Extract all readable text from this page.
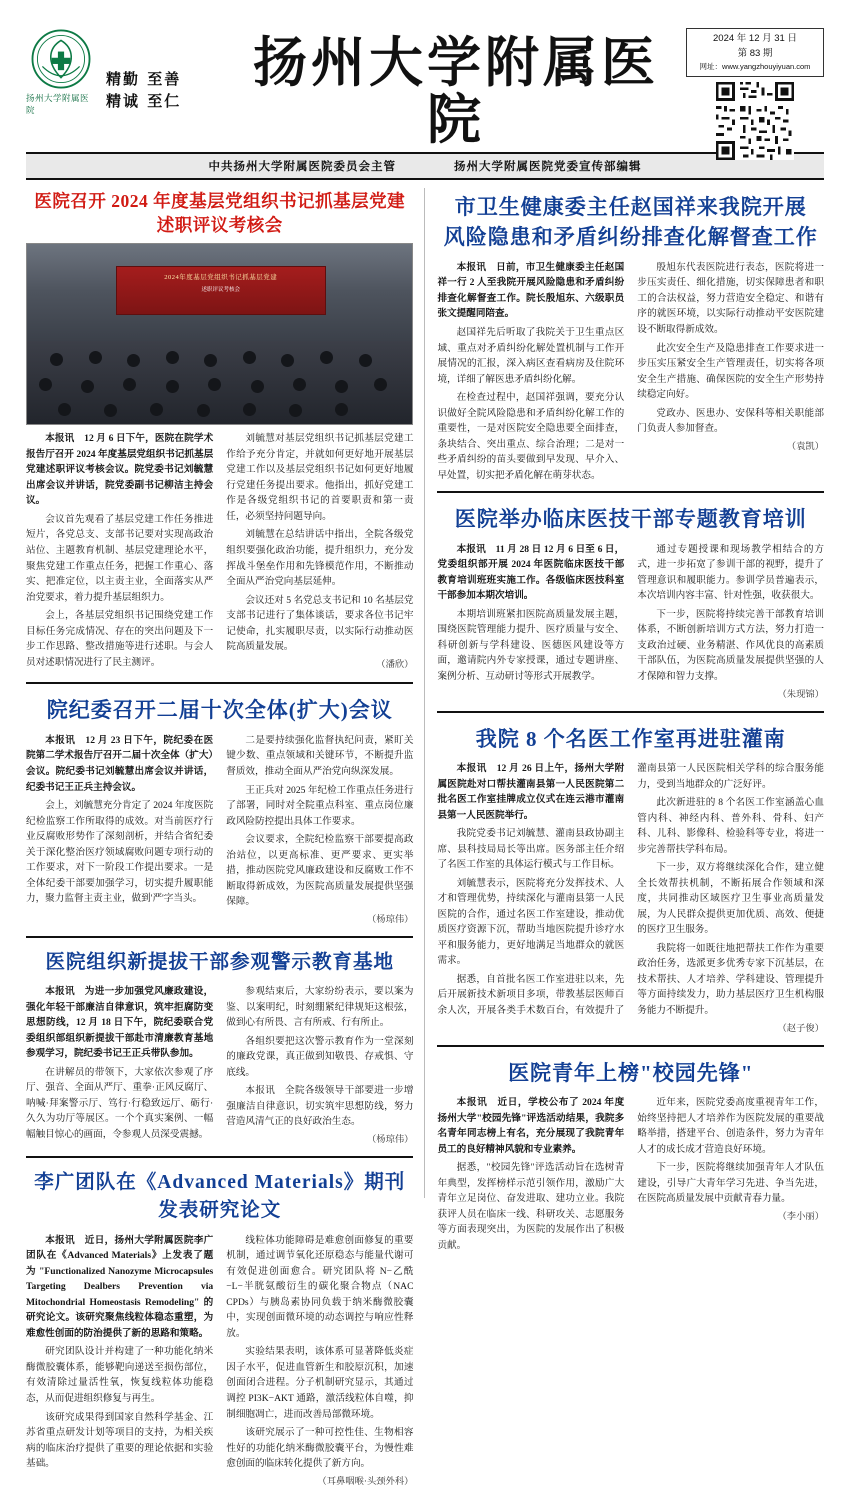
扬州大学附属医院
精勤 至善
精诚 至仁
扬州大学附属医院
2024 年 12 月 31 日
第 83 期
网址：www.yangzhouyiyuan.com
中共扬州大学附属医院委员会主管	扬州大学附属医院党委宣传部编辑
医院召开 2024 年度基层党组织书记抓基层党建述职评议考核会
2024年度基层党组织书记抓基层党建
述职评议考核会

本报讯　12 月 6 日下午，医院在院学术报告厅召开 2024 年度基层党组织书记抓基层党建述职评议考核会议。院党委书记刘毓慧出席会议并讲话，院党委副书记柳洁主持会议。

会议首先观看了基层党建工作任务推进短片，各党总支、支部书记要对实现高政治站位、主题教育机制、基层党建理论水平，聚焦党建工作重点任务，把握工作重心、落实、把准定位，以主责主业，全面落实从严治党要求，着力提升基层组织力。

会上，各基层党组织书记围绕党建工作目标任务完成情况、存在的突出问题及下一步工作思路、整改措施等进行述职。与会人员对述职情况进行了民主测评。

刘毓慧对基层党组织书记抓基层党建工作给予充分肯定，并就如何更好地开展基层党建工作以及基层党组织书记如何更好地履行党建任务提出要求。他指出，抓好党建工作是各级党组织书记的首要职责和第一责任，必须坚持问题导向。

刘毓慧在总结讲话中指出，全院各级党组织要强化政治功能，提升组织力，充分发挥战斗堡垒作用和先锋模范作用，不断推动全面从严治党向基层延伸。

会议还对 5 名党总支书记和 10 名基层党支部书记进行了集体谈话，要求各位书记牢记使命，扎实履职尽责，以实际行动推动医院高质量发展。

（潘欣）

院纪委召开二届十次全体(扩大)会议

本报讯　12 月 23 日下午，院纪委在医院第二学术报告厅召开二届十次全体（扩大）会议。院纪委书记刘毓慧出席会议并讲话，纪委书记王正兵主持会议。

会上，刘毓慧充分肯定了 2024 年度医院纪检监察工作所取得的成效。对当前医疗行业反腐败形势作了深刻剖析，并结合省纪委关于深化整治医疗领域腐败问题专项行动的工作要求，对下一阶段工作提出要求。一是全体纪委干部要加强学习，切实提升履职能力，聚力监督主责主业，做到'严'字当头。

二是要持续强化监督执纪问责，紧盯关键少数、重点领域和关键环节，不断提升监督质效，推动全面从严治党向纵深发展。

王正兵对 2025 年纪检工作重点任务进行了部署，同时对全院重点科室、重点岗位廉政风险防控提出具体工作要求。

会议要求，全院纪检监察干部要提高政治站位，以更高标准、更严要求、更实举措，推动医院党风廉政建设和反腐败工作不断取得新成效，为医院高质量发展提供坚强保障。

（杨琼伟）

医院组织新提拔干部参观警示教育基地

本报讯　为进一步加强党风廉政建设，强化年轻干部廉洁自律意识，筑牢拒腐防变思想防线，12 月 18 日下午，院纪委联合党委组织部组织新提拔干部赴市清廉教育基地参观学习，院纪委书记王正兵带队参加。

在讲解员的带领下，大家依次参观了序厅、强音、全面从严厅、重拳·正风反腐厅、呐喊·拜案警示厅、笃行·行稳致远厅、砺行·久久为功厅等展区。一个个真实案例、一幅幅触目惊心的画面，令参观人员深受震撼。

参观结束后，大家纷纷表示，要以案为鉴、以案明纪，时刻绷紧纪律规矩这根弦，做到心有所畏、言有所戒、行有所止。

各组织要把这次警示教育作为一堂深刻的廉政党课，真正做到知敬畏、存戒惧、守底线。

本报讯　全院各级领导干部要进一步增强廉洁自律意识，切实筑牢思想防线，努力营造风清气正的良好政治生态。

（杨琼伟）

李广团队在《Advanced Materials》期刊发表研究论文

本报讯　近日，扬州大学附属医院李广团队在《Advanced Materials》上发表了题为 "Functionalized Nanozyme Microcapsules Targeting Dealbers Prevention via Mitochondrial Homeostasis Remodeling" 的研究论文。该研究聚焦线粒体稳态重塑，为难愈性创面的防治提供了新的思路和策略。

研究团队设计并构建了一种功能化纳米酶微胶囊体系，能够靶向递送至损伤部位，有效清除过量活性氧，恢复线粒体功能稳态，从而促进组织修复与再生。

该研究成果得到国家自然科学基金、江苏省重点研发计划等项目的支持，为相关疾病的临床治疗提供了重要的理论依据和实验基础。

线粒体功能障碍是难愈创面修复的重要机制，通过调节氧化还原稳态与能量代谢可有效促进创面愈合。研究团队将 N−乙酰−L−半胱氨酸衍生的碳化聚合物点（NAC CPDs）与胰岛素协同负载于纳米酶微胶囊中，实现创面微环境的动态调控与响应性释放。

实验结果表明，该体系可显著降低炎症因子水平，促进血管新生和胶原沉积，加速创面闭合进程。分子机制研究显示，其通过调控 PI3K−AKT 通路，激活线粒体自噬，抑制细胞凋亡，进而改善局部微环境。

该研究展示了一种可控性佳、生物相容性好的功能化纳米酶微胶囊平台，为慢性难愈创面的临床转化提供了新方向。

（耳鼻咽喉·头颈外科）

市卫生健康委主任赵国祥来我院开展
风险隐患和矛盾纠纷排查化解督查工作

本报讯　日前，市卫生健康委主任赵国祥一行 2 人至我院开展风险隐患和矛盾纠纷排查化解督查工作。院长殷旭东、六级职员张文提醒同陪查。

赵国祥先后听取了我院关于卫生重点区域、重点对矛盾纠纷化解处置机制与工作开展情况的汇报，深入病区查看病房及住院环境，详细了解医患矛盾纠纷化解。

在检查过程中，赵国祥强调，要充分认识做好全院风险隐患和矛盾纠纷化解工作的重要性，一是对医院安全隐患要全面排查，条块结合、突出重点、综合治理；二是对一些矛盾纠纷的苗头要做到早发现、早介入、早处置，切实把矛盾化解在萌芽状态。

殷旭东代表医院进行表态，医院将进一步压实责任、细化措施，切实保障患者和职工的合法权益，努力营造安全稳定、和谐有序的就医环境，以实际行动推动平安医院建设不断取得新成效。

此次安全生产及隐患排查工作要求进一步压实压紧安全生产管理责任，切实将各项安全生产措施、确保医院的安全生产形势持续稳定向好。

党政办、医患办、安保科等相关职能部门负责人参加督查。

（袁凯）

医院举办临床医技干部专题教育培训

本报讯　11 月 28 日 12 月 6 日至 6 日，党委组织部开展 2024 年医院临床医技干部教育培训班班实施工作。各级临床医技科室干部参加本期次培训。

本期培训班紧扣医院高质量发展主题，围绕医院管理能力提升、医疗质量与安全、科研创新与学科建设、医德医风建设等方面，邀请院内外专家授课，通过专题讲座、案例分析、互动研讨等形式开展教学。

通过专题授课和现场教学相结合的方式，进一步拓宽了参训干部的视野，提升了管理意识和履职能力。参训学员普遍表示，本次培训内容丰富、针对性强，收获很大。

下一步，医院将持续完善干部教育培训体系，不断创新培训方式方法，努力打造一支政治过硬、业务精湛、作风优良的高素质干部队伍，为医院高质量发展提供坚强的人才保障和智力支撑。

（朱现锦）

我院 8 个名医工作室再进驻灌南

本报讯　12 月 26 日上午，扬州大学附属医院赴对口帮扶灌南县第一人民医院第二批名医工作室挂牌成立仪式在连云港市灌南县第一人民医院举行。

我院党委书记刘毓慧、灌南县政协副主席、县科技局局长等出席。医务部主任介绍了名医工作室的具体运行模式与工作目标。

刘毓慧表示，医院将充分发挥技术、人才和管理优势，持续深化与灌南县第一人民医院的合作，通过名医工作室建设，推动优质医疗资源下沉，帮助当地医院提升诊疗水平和服务能力，更好地满足当地群众的就医需求。

据悉，自首批名医工作室进驻以来，先后开展新技术新项目多项，带教基层医师百余人次，开展各类手术数百台，有效提升了灌南县第一人民医院相关学科的综合服务能力，受到当地群众的广泛好评。

此次新进驻的 8 个名医工作室涵盖心血管内科、神经内科、普外科、骨科、妇产科、儿科、影像科、检验科等专业，将进一步完善帮扶学科布局。

下一步，双方将继续深化合作，建立健全长效帮扶机制，不断拓展合作领域和深度，共同推动区域医疗卫生事业高质量发展，为人民群众提供更加优质、高效、便捷的医疗卫生服务。

我院将一如既往地把帮扶工作作为重要政治任务，选派更多优秀专家下沉基层，在技术帮扶、人才培养、学科建设、管理提升等方面持续发力，助力基层医疗卫生机构服务能力不断提升。

（赵子俊）

医院青年上榜"校园先锋"

本报讯　近日，学校公布了 2024 年度扬州大学"校园先锋"评选活动结果，我院多名青年同志榜上有名，充分展现了我院青年员工的良好精神风貌和专业素养。

据悉，"校园先锋"评选活动旨在选树青年典型，发挥榜样示范引领作用，激励广大青年立足岗位、奋发进取、建功立业。我院获评人员在临床一线、科研攻关、志愿服务等方面表现突出，为医院的发展作出了积极贡献。

近年来，医院党委高度重视青年工作，始终坚持把人才培养作为医院发展的重要战略举措，搭建平台、创造条件，努力为青年人才的成长成才营造良好环境。

下一步，医院将继续加强青年人才队伍建设，引导广大青年学习先进、争当先进，在医院高质量发展中贡献青春力量。

（李小丽）
